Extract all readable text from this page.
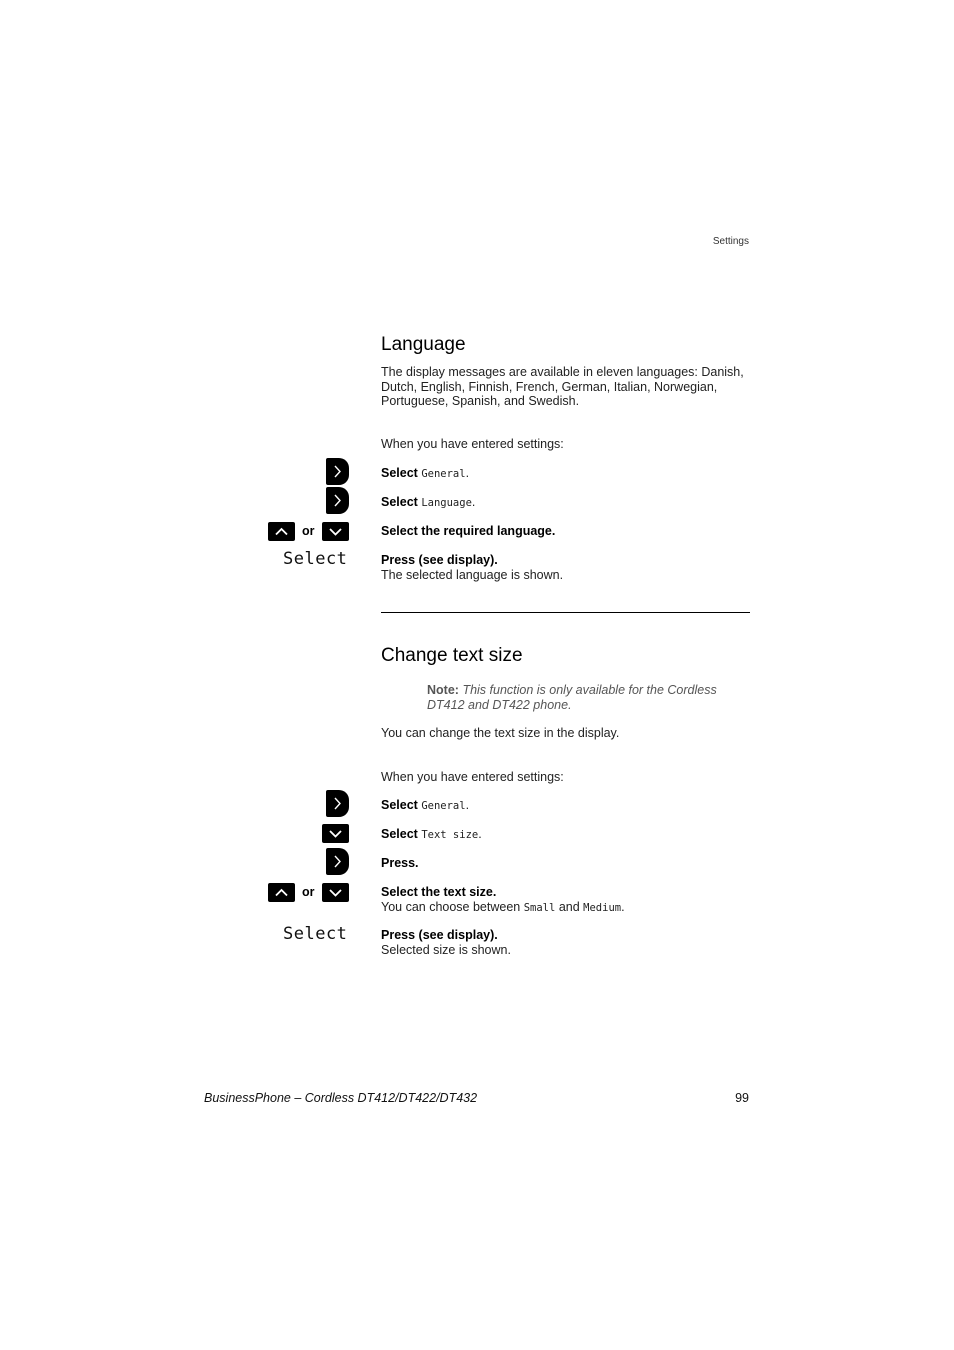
Settings
Language
The display messages are available in eleven languages: Danish, Dutch, English, Finnish, French, German, Italian, Norwegian, Portuguese, Spanish, and Swedish.
When you have entered settings:
Select General.
Select Language.
or	Select the required language.
Select	Press (see display).
The selected language is shown.
Change text size
Note: This function is only available for the Cordless DT412 and DT422 phone.
You can change the text size in the display.
When you have entered settings:
Select General.
Select Text size.
Press.
or	Select the text size.
You can choose between Small and Medium.
Select	Press (see display).
Selected size is shown.
BusinessPhone – Cordless DT412/DT422/DT432	99
